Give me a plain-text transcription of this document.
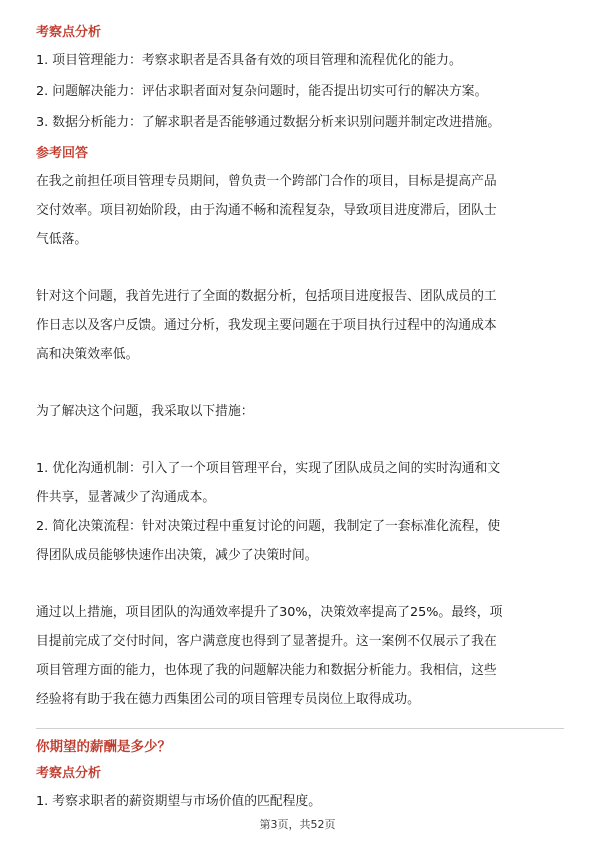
考察点分析
1. 项目管理能力：考察求职者是否具备有效的项目管理和流程优化的能力。
2. 问题解决能力：评估求职者面对复杂问题时，能否提出切实可行的解决方案。
3. 数据分析能力：了解求职者是否能够通过数据分析来识别问题并制定改进措施。
参考回答
在我之前担任项目管理专员期间，曾负责一个跨部门合作的项目，目标是提高产品
交付效率。项目初始阶段，由于沟通不畅和流程复杂，导致项目进度滞后，团队士
气低落。
针对这个问题，我首先进行了全面的数据分析，包括项目进度报告、团队成员的工
作日志以及客户反馈。通过分析，我发现主要问题在于项目执行过程中的沟通成本
高和决策效率低。
为了解决这个问题，我采取以下措施：
1. 优化沟通机制：引入了一个项目管理平台，实现了团队成员之间的实时沟通和文
件共享，显著减少了沟通成本。
2. 简化决策流程：针对决策过程中重复讨论的问题，我制定了一套标准化流程，使
得团队成员能够快速作出决策，减少了决策时间。
通过以上措施，项目团队的沟通效率提升了30%，决策效率提高了25%。最终，项
目提前完成了交付时间，客户满意度也得到了显著提升。这一案例不仅展示了我在
项目管理方面的能力，也体现了我的问题解决能力和数据分析能力。我相信，这些
经验将有助于我在德力西集团公司的项目管理专员岗位上取得成功。
你期望的薪酬是多少？
考察点分析
1. 考察求职者的薪资期望与市场价值的匹配程度。
第3页，共52页
